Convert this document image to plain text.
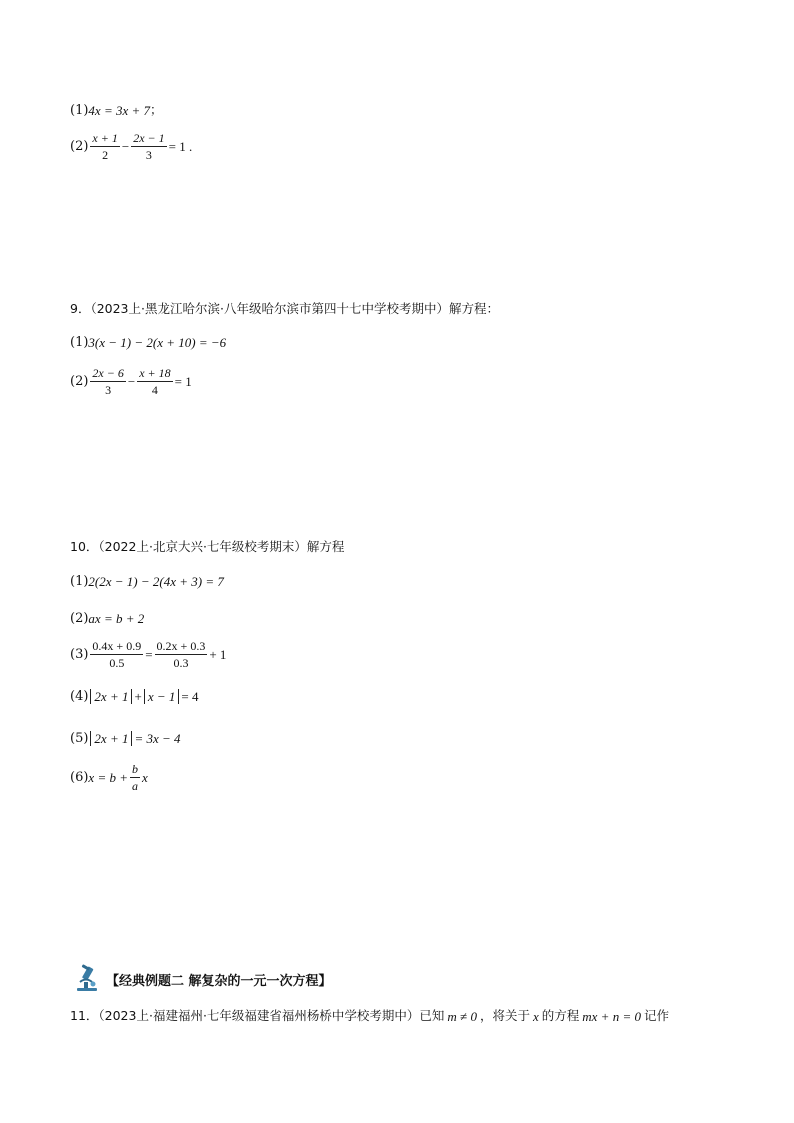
(1) 4x = 3x + 7 ；
$(2) \frac{x + 1}{2} - \frac{2x - 1}{3} = 1$ .
9．（2023上·黑龙江哈尔滨·八年级哈尔滨市第四十七中学校考期中）解方程：
(1) 3(x − 1) − 2(x + 10) = −6
$(2) \frac{2x - 6}{3} - \frac{x + 18}{4} = 1$
10．（2022上·北京大兴·七年级校考期末）解方程
(1) 2(2x − 1) − 2(4x + 3) = 7
(2) ax = b + 2
$(3) \frac{0.4x + 0.9}{0.5} = \frac{0.2x + 0.3}{0.3} + 1$
(4) 2x + 1 + x − 1 = 4
(5) 2x + 1 = 3x − 4
(6) $x = b + \frac{b}{a}$ x
【经典例题二 解复杂的一元一次方程】
11．（2023上·福建福州·七年级福建省福州杨桥中学校考期中）已知 m ≠ 0 ，将关于 x 的方程 mx + n = 0 记作
